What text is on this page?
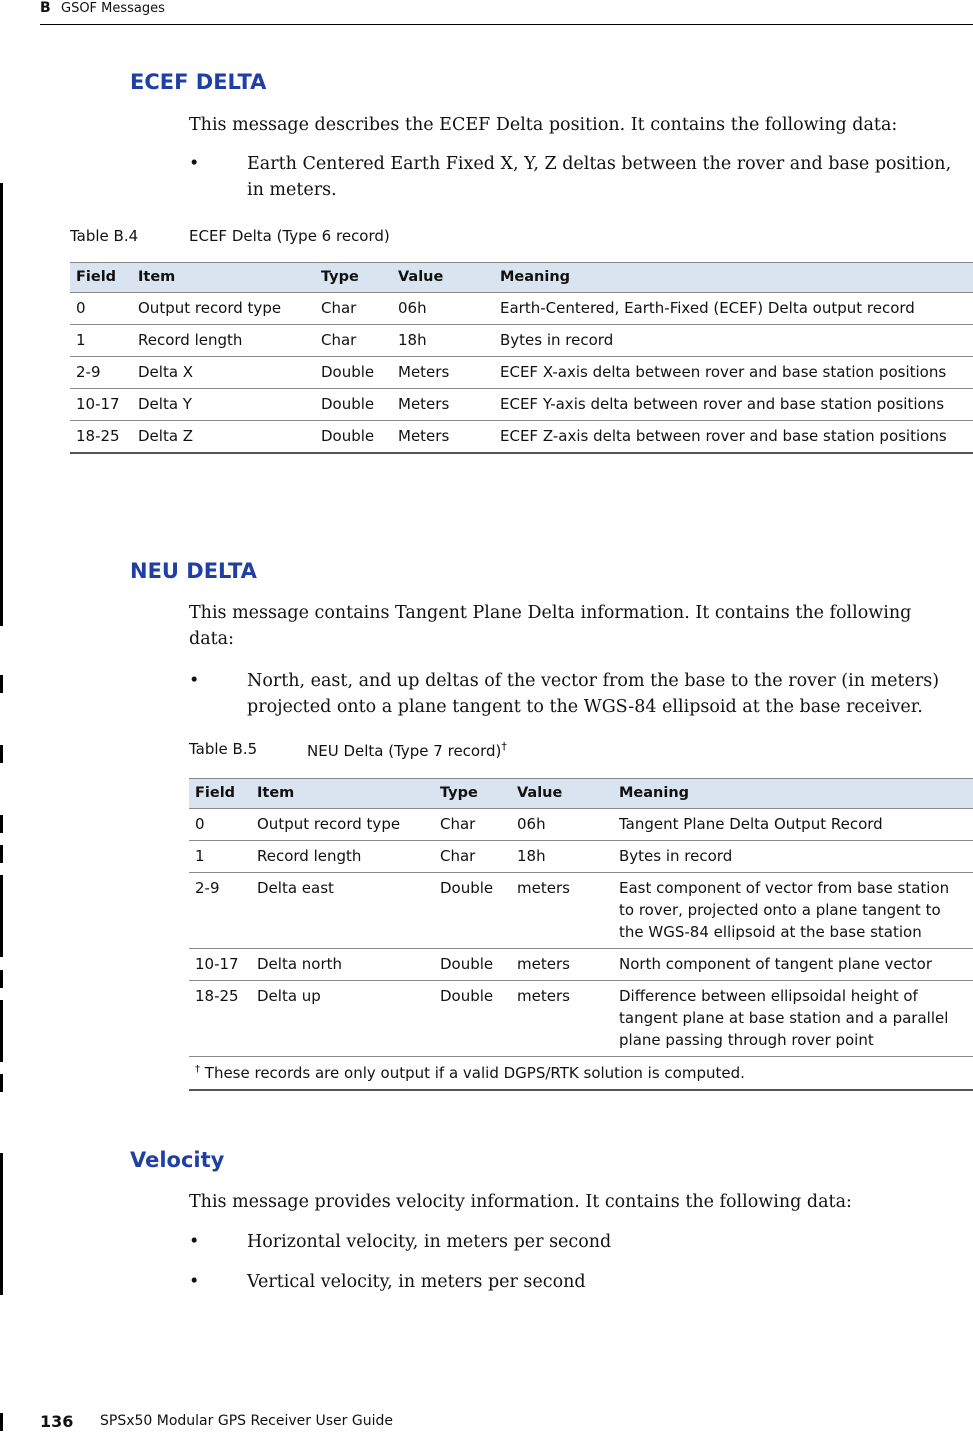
B GSOF Messages
ECEF DELTA

This message describes the ECEF Delta position. It contains the following data:

•	Earth Centered Earth Fixed X, Y, Z deltas between the rover and base position, in meters.
Table B.4	ECEF Delta (Type 6 record)
Field	Item	Type	Value	Meaning
0	Output record type	Char	06h	Earth-Centered, Earth-Fixed (ECEF) Delta output record
1	Record length	Char	18h	Bytes in record
2-9	Delta X	Double	Meters	ECEF X-axis delta between rover and base station positions
10-17	Delta Y	Double	Meters	ECEF Y-axis delta between rover and base station positions
18-25	Delta Z	Double	Meters	ECEF Z-axis delta between rover and base station positions
NEU DELTA

This message contains Tangent Plane Delta information. It contains the following data:

•	North, east, and up deltas of the vector from the base to the rover (in meters) projected onto a plane tangent to the WGS-84 ellipsoid at the base receiver.
Table B.5	NEU Delta (Type 7 record)†
Field	Item	Type	Value	Meaning
0	Output record type	Char	06h	Tangent Plane Delta Output Record
1	Record length	Char	18h	Bytes in record
2-9	Delta east	Double	meters	East component of vector from base station to rover, projected onto a plane tangent to the WGS-84 ellipsoid at the base station
10-17	Delta north	Double	meters	North component of tangent plane vector
18-25	Delta up	Double	meters	Difference between ellipsoidal height of tangent plane at base station and a parallel plane passing through rover point
† These records are only output if a valid DGPS/RTK solution is computed.				
Velocity

This message provides velocity information. It contains the following data:

•	Horizontal velocity, in meters per second
•	Vertical velocity, in meters per second
136 SPSx50 Modular GPS Receiver User Guide
